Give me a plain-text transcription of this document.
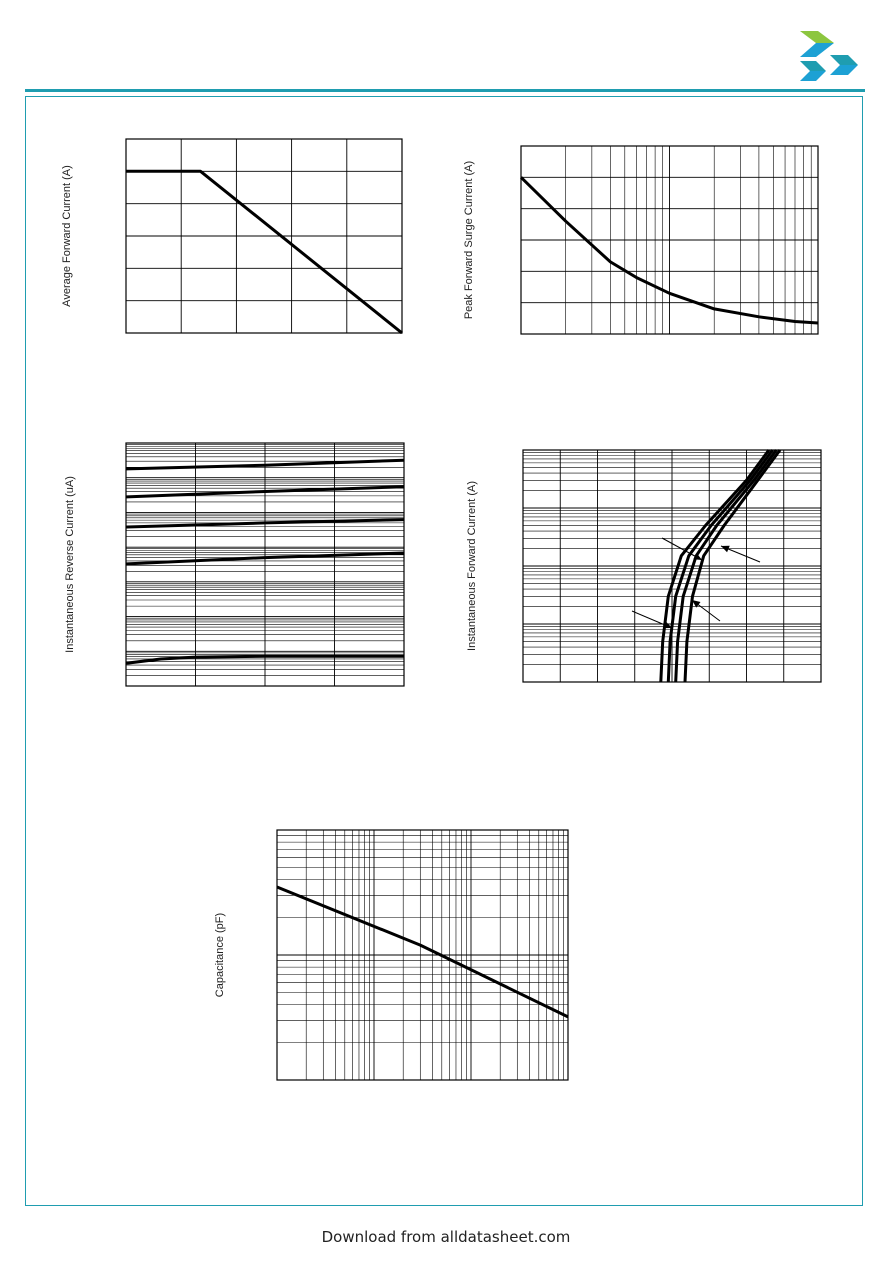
Average Forward Current (A)	Peak Forward Surge Current (A)
Instantaneous Reverse Current (uA)	Instantaneous Forward Current (A)
Capacitance (pF)
Download from alldatasheet.com
